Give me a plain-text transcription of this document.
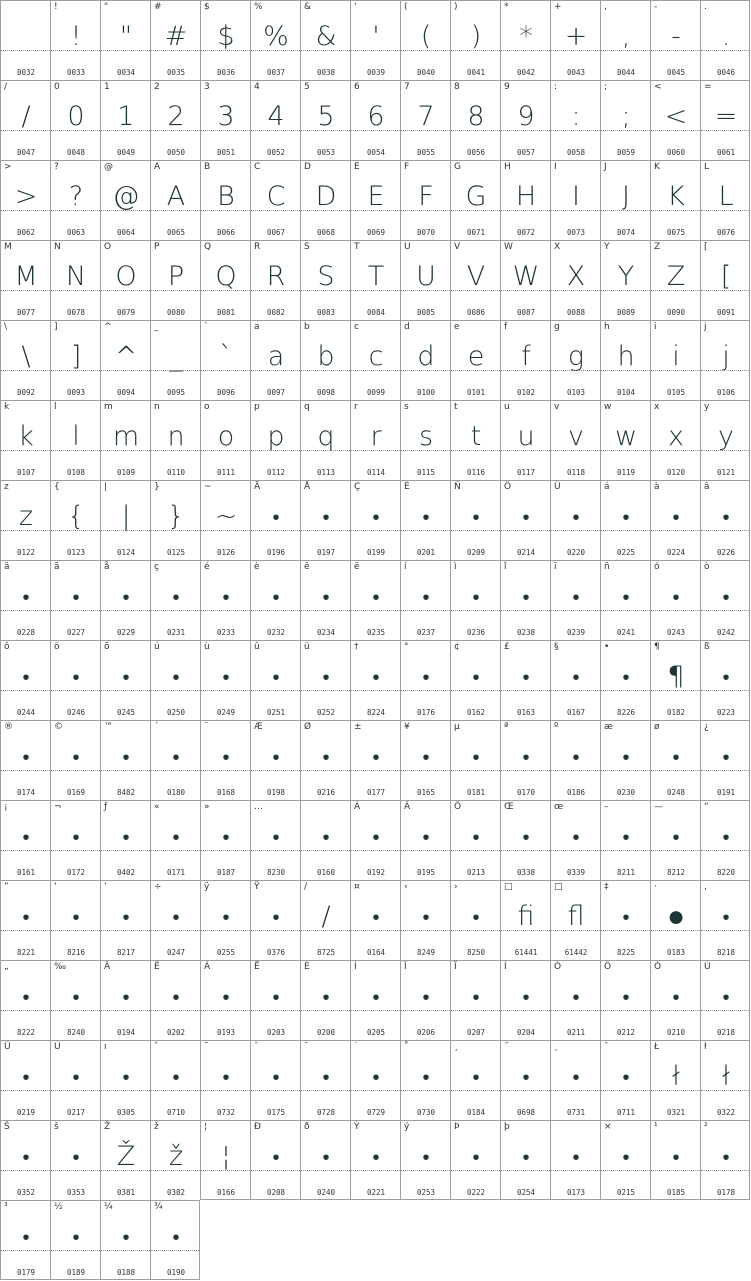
0032
!
!
0033
"
"
0034
#
#
0035
$
$
0036
%
%
0037
&
&
0038
'
'
0039
(
(
0040
)
)
0041
*
*
0042
+
+
0043
,
,
0044
-
-
0045
.
.
0046
/
/
0047
0
0
0048
1
1
0049
2
2
0050
3
3
0051
4
4
0052
5
5
0053
6
6
0054
7
7
0055
8
8
0056
9
9
0057
:
:
0058
;
;
0059
<
<
0060
=
=
0061
>
>
0062
?
?
0063
@
@
0064
A
A
0065
B
B
0066
C
C
0067
D
D
0068
E
E
0069
F
F
0070
G
G
0071
H
H
0072
I
I
0073
J
J
0074
K
K
0075
L
L
0076
M
M
0077
N
N
0078
O
O
0079
P
P
0080
Q
Q
0081
R
R
0082
S
S
0083
T
T
0084
U
U
0085
V
V
0086
W
W
0087
X
X
0088
Y
Y
0089
Z
Z
0090
[
[
0091
\
\
0092
]
]
0093
^
^
0094
_
_
0095
`
`
0096
a
a
0097
b
b
0098
c
c
0099
d
d
0100
e
e
0101
f
f
0102
g
g
0103
h
h
0104
i
i
0105
j
j
0106
k
k
0107
l
l
0108
m
m
0109
n
n
0110
o
o
0111
p
p
0112
q
q
0113
r
r
0114
s
s
0115
t
t
0116
u
u
0117
v
v
0118
w
w
0119
x
x
0120
y
y
0121
z
z
0122
{
{
0123
|
|
0124
}
}
0125
~
~
0126
Ä
•
0196
Å
•
0197
Ç
•
0199
É
•
0201
Ñ
•
0209
Ö
•
0214
Ü
•
0220
á
•
0225
à
•
0224
â
•
0226
ä
•
0228
ã
•
0227
å
•
0229
ç
•
0231
é
•
0233
è
•
0232
ê
•
0234
ë
•
0235
í
•
0237
ì
•
0236
î
•
0238
ï
•
0239
ñ
•
0241
ó
•
0243
ò
•
0242
ô
•
0244
ö
•
0246
õ
•
0245
ú
•
0250
ù
•
0249
û
•
0251
ü
•
0252
†
•
8224
°
•
0176
¢
•
0162
£
•
0163
§
•
0167
•
•
8226
¶
¶
0182
ß
•
0223
®
•
0174
©
•
0169
™
•
8482
´
•
0180
¨
•
0168
Æ
•
0198
Ø
•
0216
±
•
0177
¥
•
0165
µ
•
0181
ª
•
0170
º
•
0186
æ
•
0230
ø
•
0248
¿
•
0191
¡
•
0161
¬
•
0172
ƒ
•
0402
«
•
0171
»
•
0187
…
•
8230
•
0160
À
•
0192
Ã
•
0195
Õ
•
0213
Œ
•
0338
œ
•
0339
–
•
8211
—
•
8212
“
•
8220
”
•
8221
‘
•
8216
’
•
8217
÷
•
0247
ÿ
•
0255
Ÿ
•
0376
/
/
8725
¤
•
0164
‹
•
8249
›
•
8250
□
fi
61441
□
fl
61442
‡
•
8225
·
●
0183
‚
•
8218
„
•
8222
‰
•
8240
Â
•
0194
Ê
•
0202
Á
•
0193
Ë
•
0203
È
•
0200
Í
•
0205
Î
•
0206
Ï
•
0207
Ì
•
0204
Ó
•
0211
Ô
•
0212
Ò
•
0210
Ú
•
0218
Û
•
0219
Ù
•
0217
ı
•
0305
ˆ
•
0710
˜
•
0732
¯
•
0175
˘
•
0728
˙
•
0729
˚
•
0730
¸
•
0184
˝
•
0698
˛
•
0731
ˇ
•
0711
Ł
ł
0321
ł
ł
0322
Š
•
0352
š
•
0353
Ž
Ž
0381
ž
ž
0382
¦
¦
0166
Ð
•
0208
ð
•
0240
Ý
•
0221
ý
•
0253
Þ
•
0222
þ
•
0254
•
0173
×
•
0215
¹
•
0185
²
•
0178
³
•
0179
½
•
0189
¼
•
0188
¾
•
0190
